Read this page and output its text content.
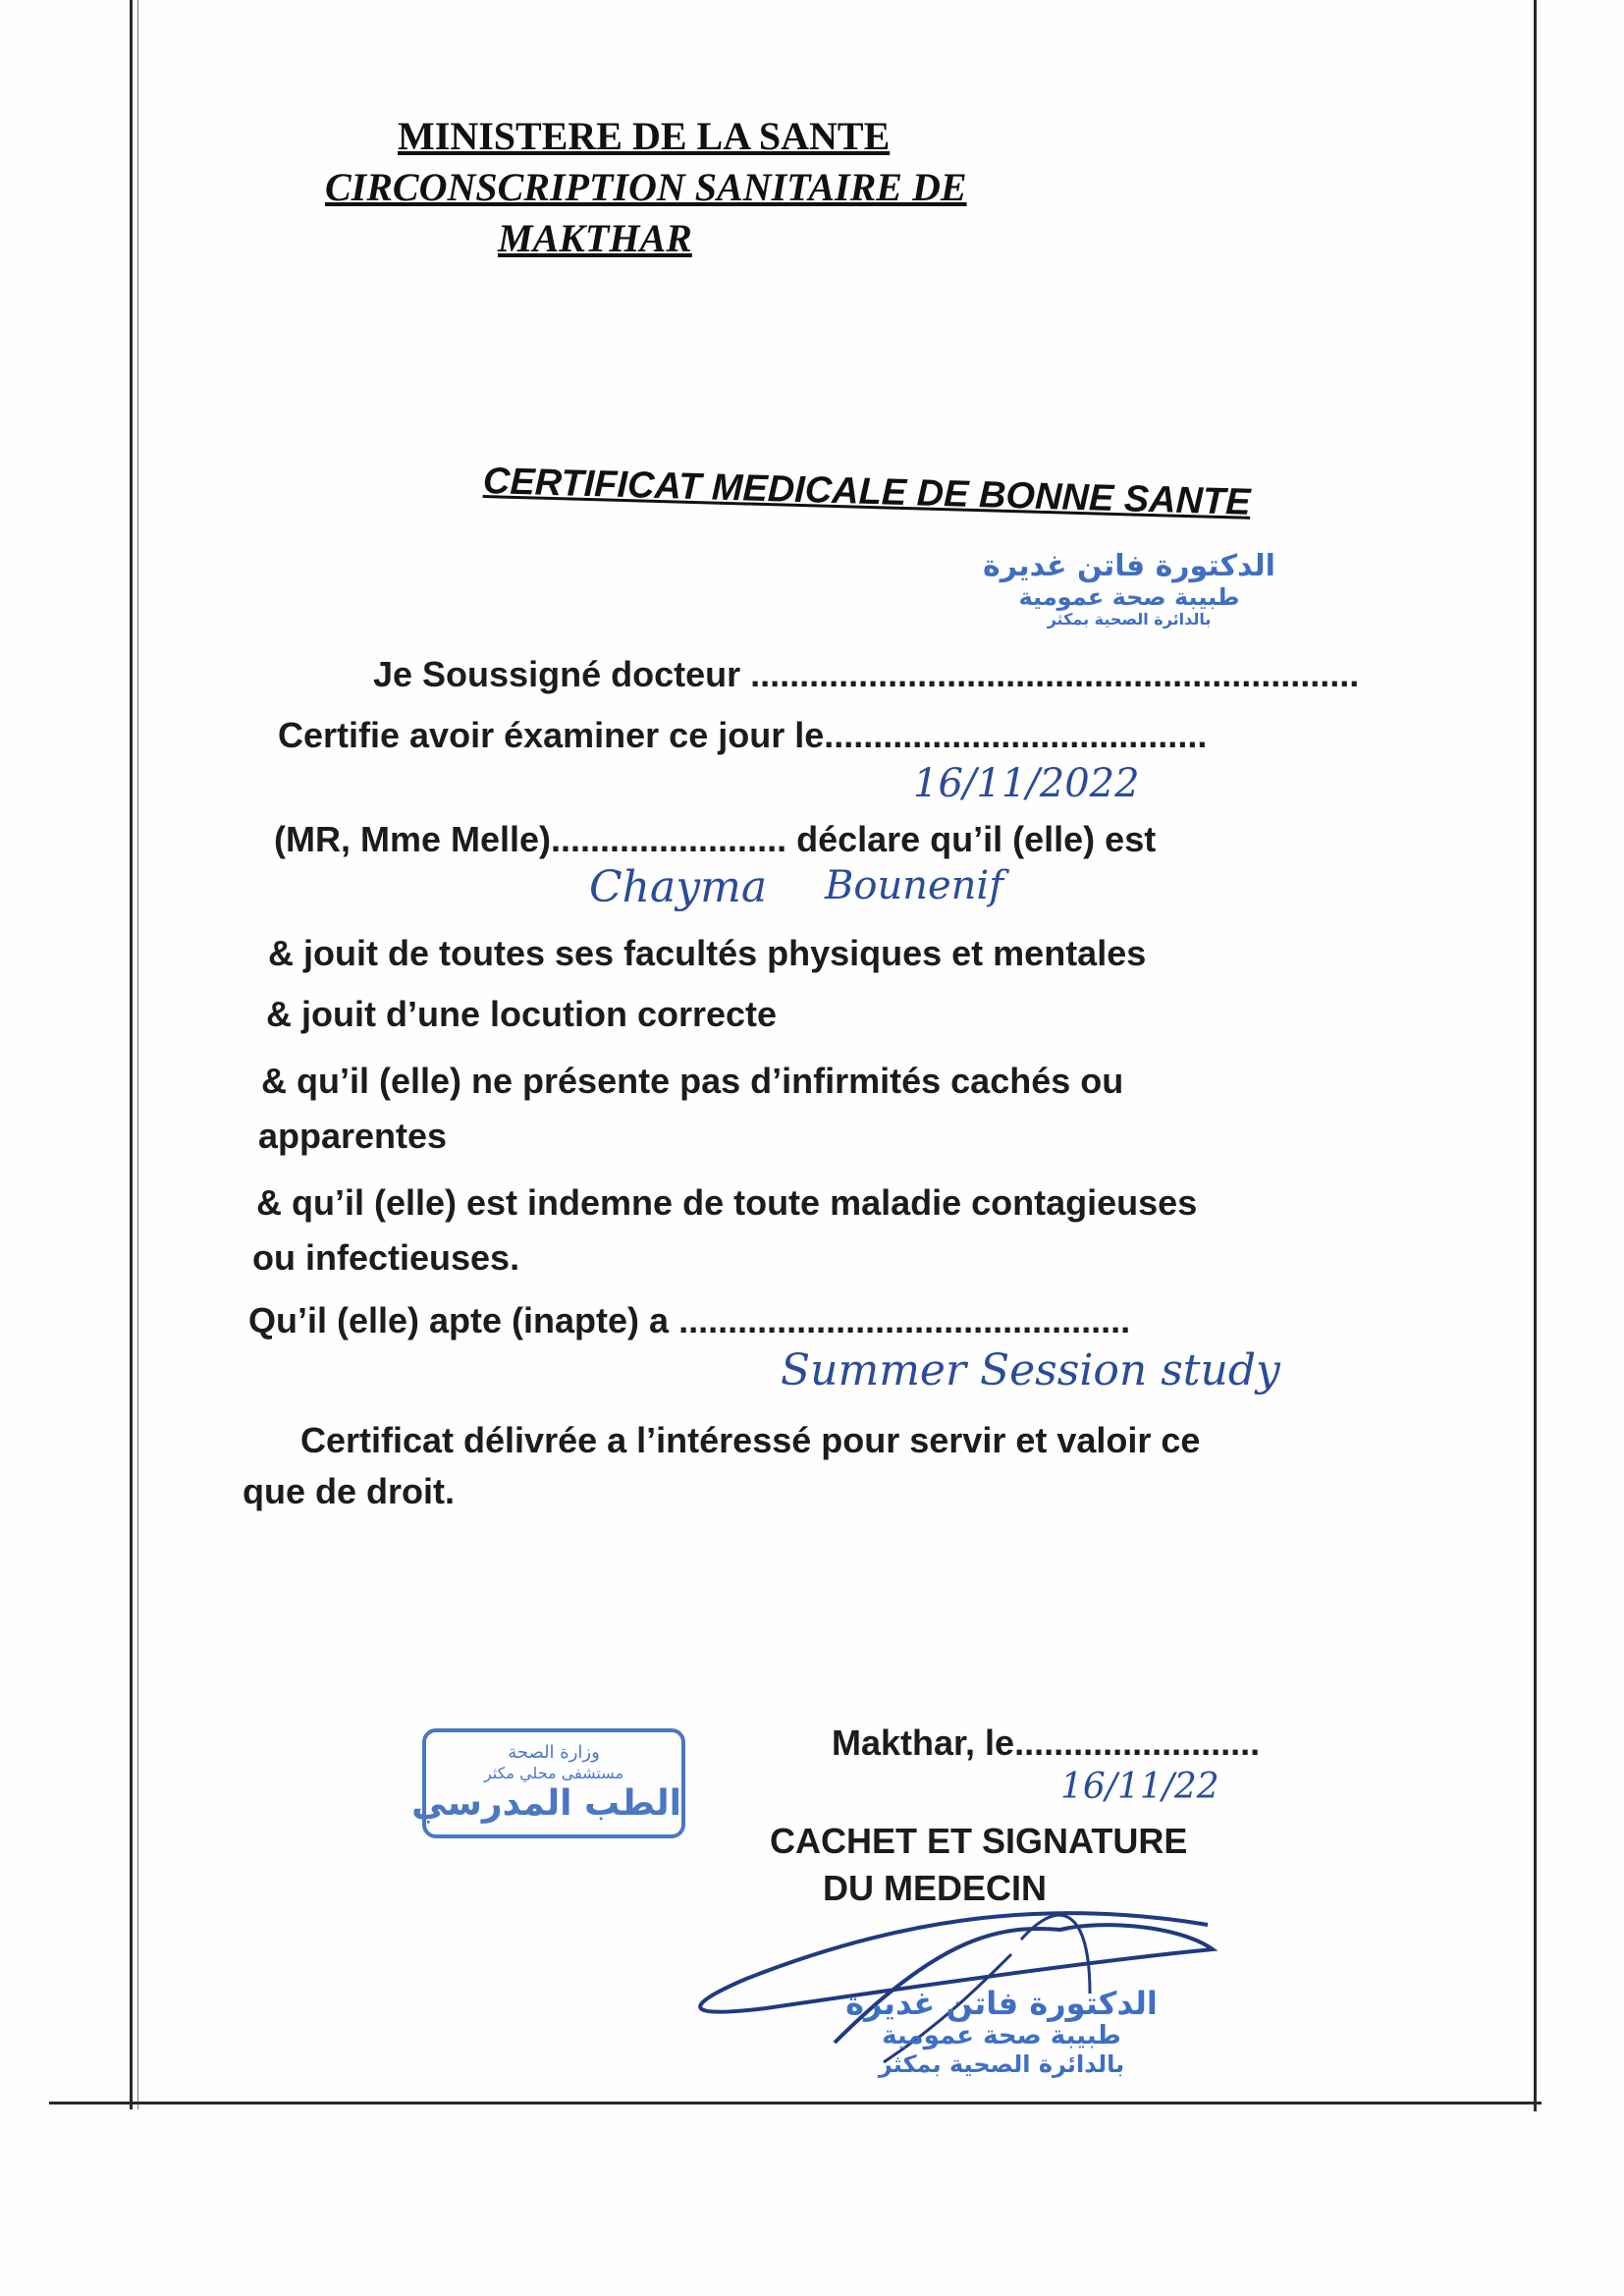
MINISTERE DE LA SANTE
CIRCONSCRIPTION SANITAIRE DE
MAKTHAR
CERTIFICAT MEDICALE DE BONNE SANTE
الدكتورة فاتن غديرة
طبيبة صحة عمومية
بالدائرة الصحية بمكثر
Je Soussigné docteur ..............................................................
Certifie avoir éxaminer ce jour le.......................................
16/11/2022
(MR, Mme Melle)........................ déclare qu’il (elle) est
Chayma Bounenif
& jouit de toutes ses facultés physiques et mentales
& jouit d’une locution correcte
& qu’il (elle) ne présente pas d’infirmités cachés ou
apparentes
& qu’il (elle) est indemne de toute maladie contagieuses
ou infectieuses.
Qu’il (elle) apte (inapte) a ..............................................
Summer Session study
Certificat délivrée a l’intéressé pour servir et valoir ce
que de droit.
Makthar, le.........................
16/11/22
CACHET ET SIGNATURE
DU MEDECIN
وزارة الصحة
مستشفى محلي مكثر
الطب المدرسي
الدكتورة فاتن غديرة
طبيبة صحة عمومية
بالدائرة الصحية بمكثر
